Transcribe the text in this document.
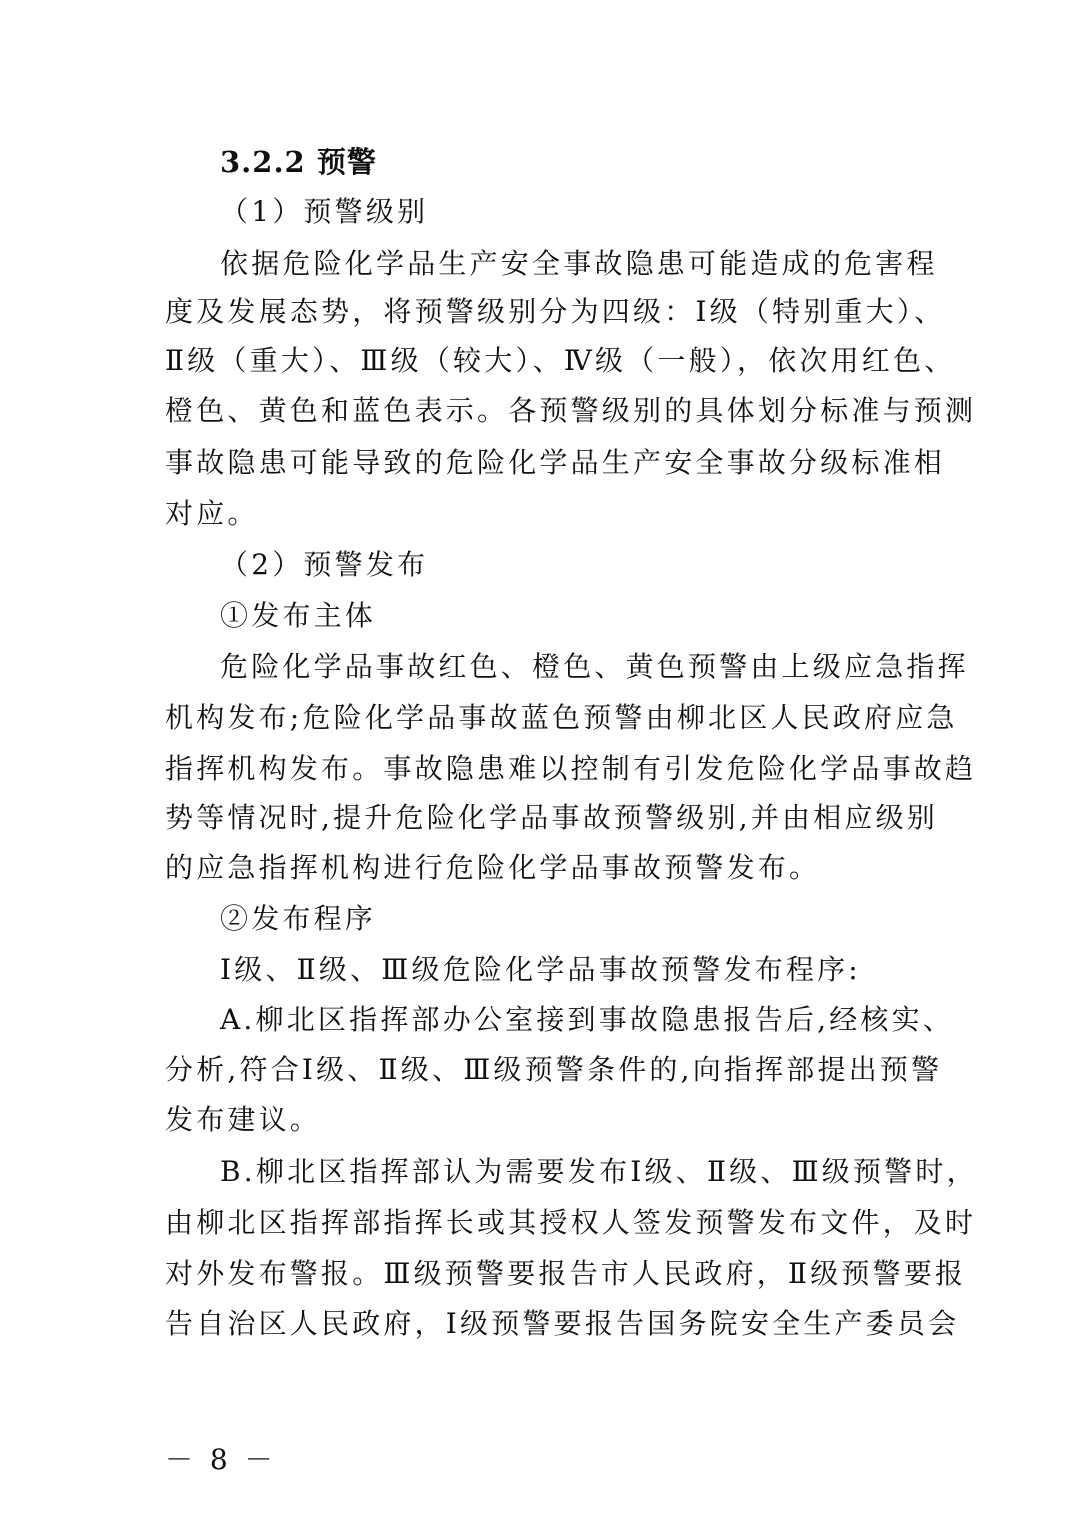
3.2.2 预警
（1）预警级别
依据危险化学品生产安全事故隐患可能造成的危害程
度及发展态势，将预警级别分为四级：Ⅰ级（特别重大）、
Ⅱ级（重大）、Ⅲ级（较大）、Ⅳ级（一般），依次用红色、
橙色、黄色和蓝色表示。各预警级别的具体划分标准与预测
事故隐患可能导致的危险化学品生产安全事故分级标准相
对应。
（2）预警发布
①发布主体
危险化学品事故红色、橙色、黄色预警由上级应急指挥
机构发布;危险化学品事故蓝色预警由柳北区人民政府应急
指挥机构发布。事故隐患难以控制有引发危险化学品事故趋
势等情况时,提升危险化学品事故预警级别,并由相应级别
的应急指挥机构进行危险化学品事故预警发布。
②发布程序
Ⅰ级、Ⅱ级、Ⅲ级危险化学品事故预警发布程序:
A.柳北区指挥部办公室接到事故隐患报告后,经核实、
分析,符合Ⅰ级、Ⅱ级、Ⅲ级预警条件的,向指挥部提出预警
发布建议。
B.柳北区指挥部认为需要发布Ⅰ级、Ⅱ级、Ⅲ级预警时，
由柳北区指挥部指挥长或其授权人签发预警发布文件，及时
对外发布警报。Ⅲ级预警要报告市人民政府，Ⅱ级预警要报
告自治区人民政府，Ⅰ级预警要报告国务院安全生产委员会
－ 8 －
